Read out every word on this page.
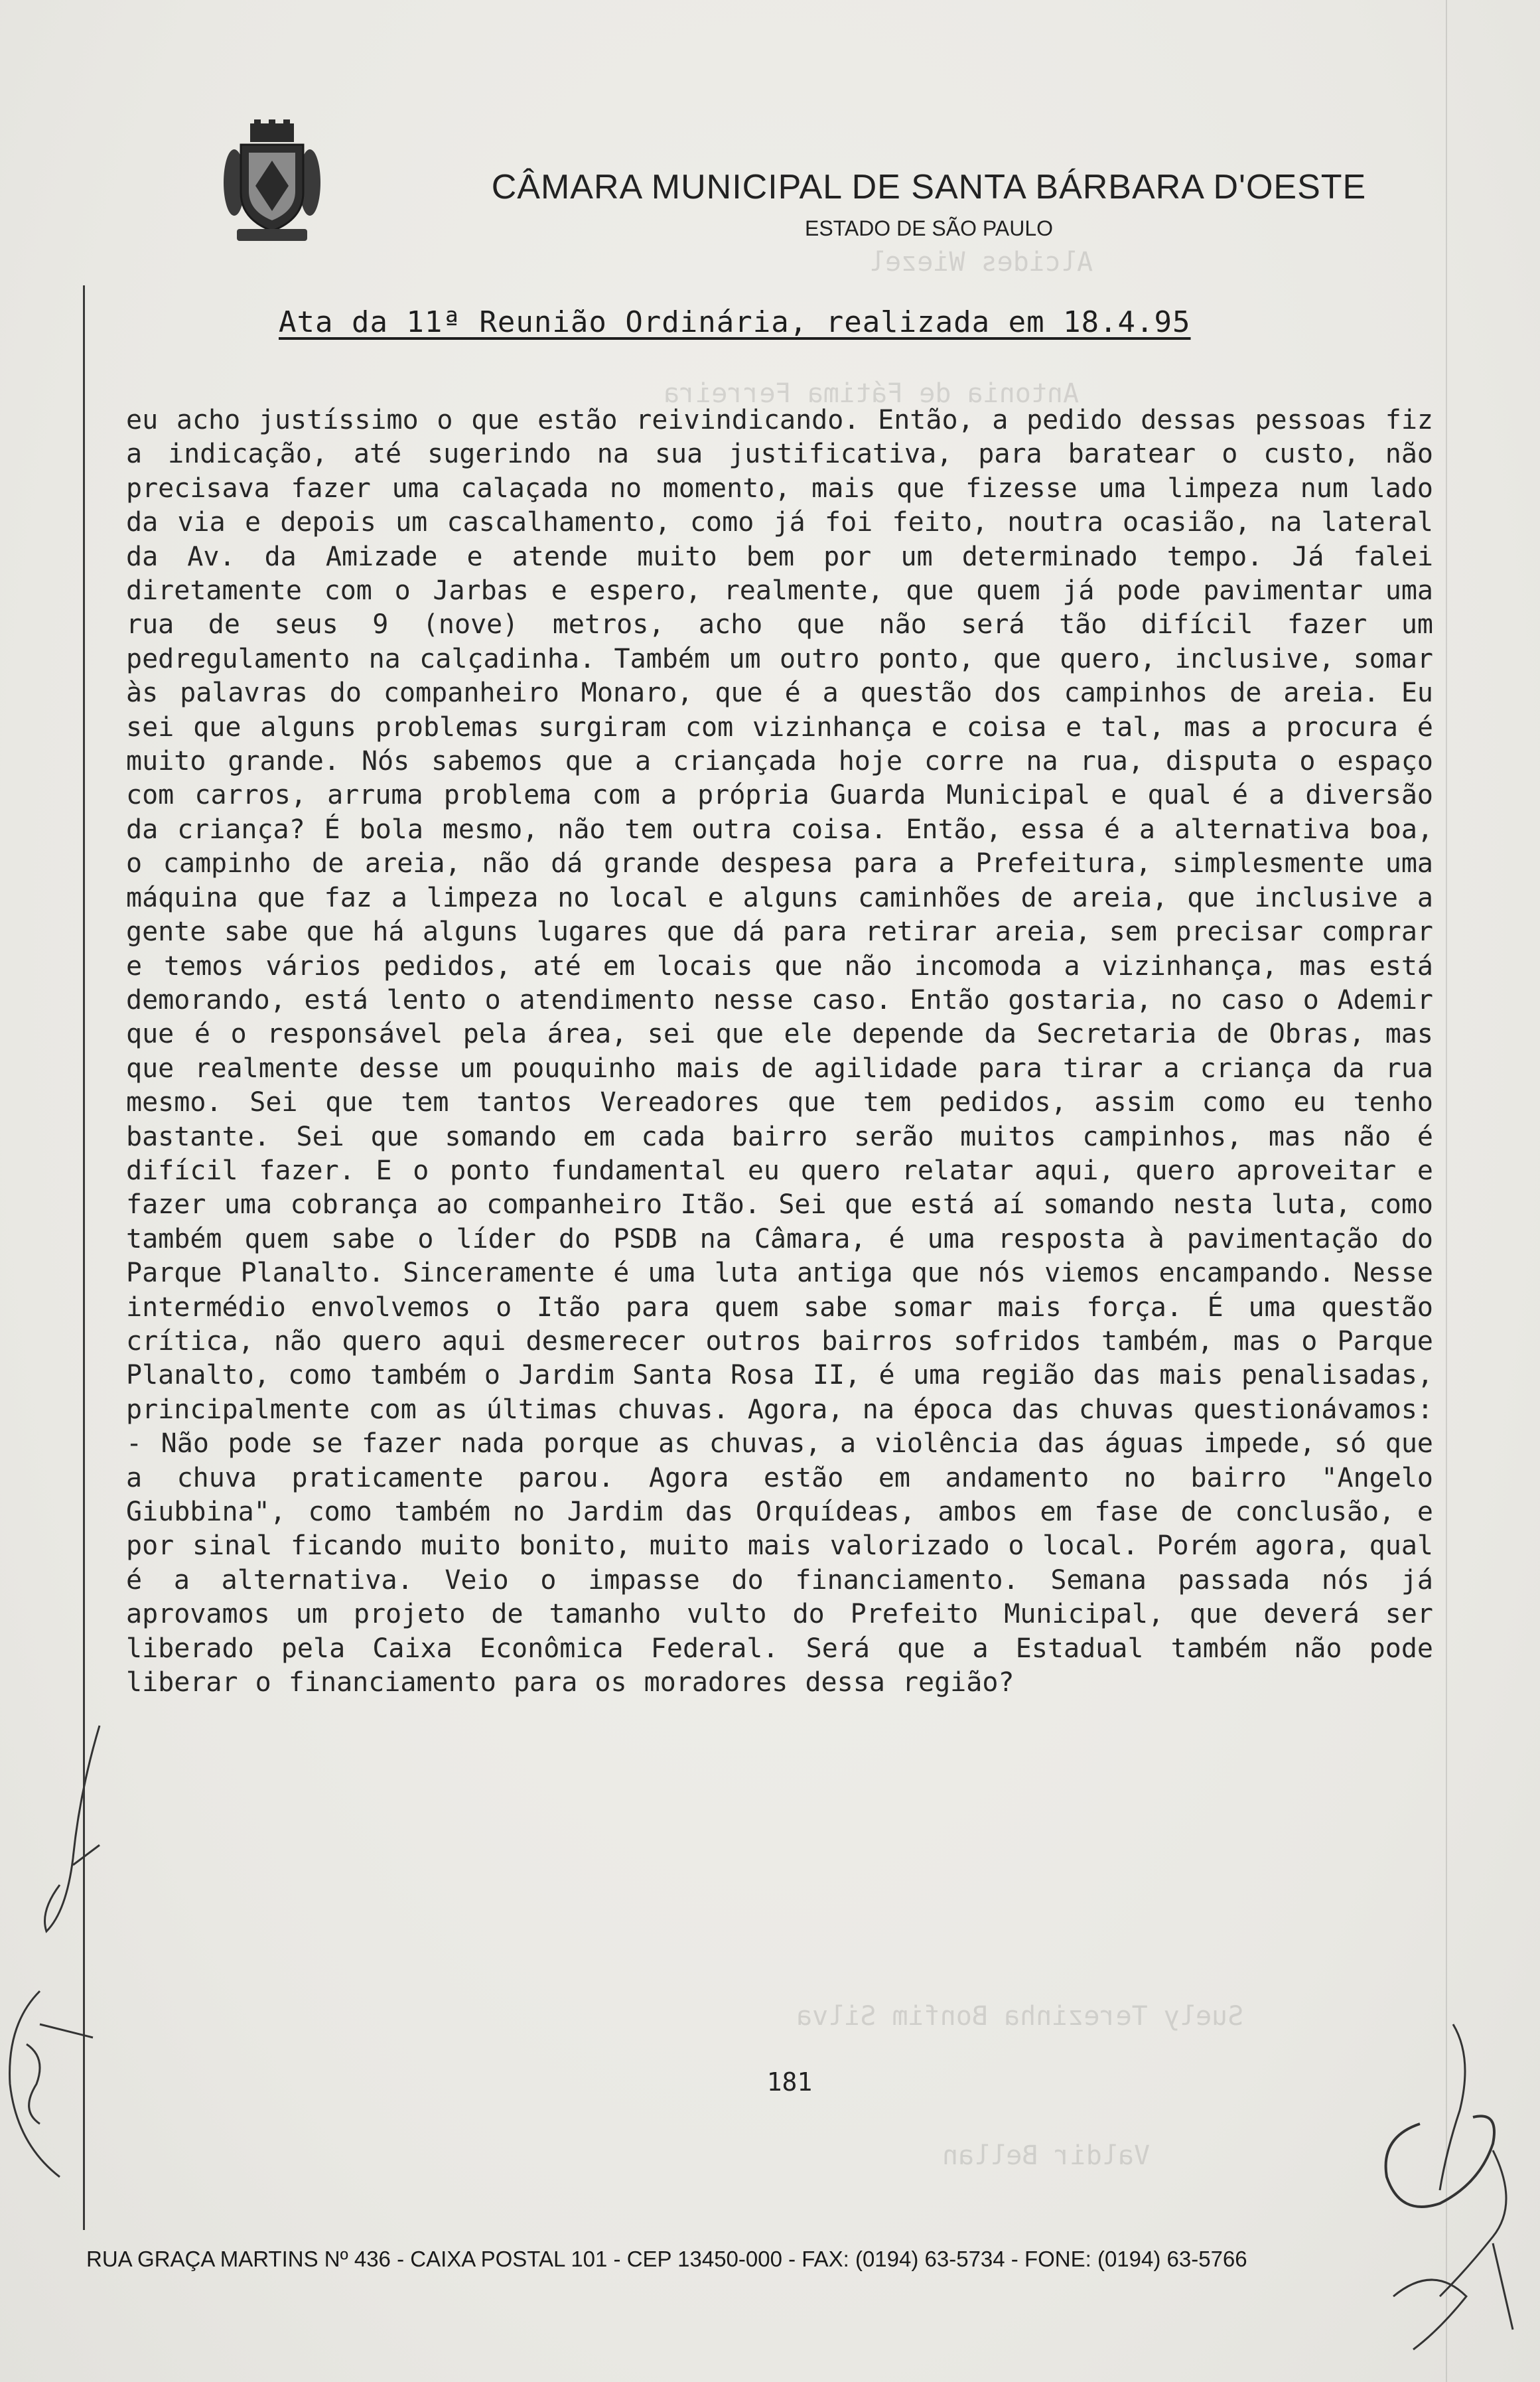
Alcides Wiezel
Antonia de Fátima Ferreira
Suely Terezinha Bonfim Silva
Valdir Bellan
CÂMARA MUNICIPAL DE SANTA BÁRBARA D'OESTE
ESTADO DE SÃO PAULO
Ata da 11ª Reunião Ordinária, realizada em 18.4.95

eu acho justíssimo o que estão reivindicando. Então, a pedido dessas pessoas fiz a indicação, até sugerindo na sua justificativa, para baratear o custo, não precisava fazer uma calaçada no momento, mais que fizesse uma limpeza num lado da via e depois um cascalhamento, como já foi feito, noutra ocasião, na lateral da Av. da Amizade e atende muito bem por um determinado tempo. Já falei diretamente com o Jarbas e espero, realmente, que quem já pode pavimentar uma rua de seus 9 (nove) metros, acho que não será tão difícil fazer um pedregulamento na calçadinha. Também um outro ponto, que quero, inclusive, somar às palavras do companheiro Monaro, que é a questão dos campinhos de areia. Eu sei que alguns problemas surgiram com vizinhança e coisa e tal, mas a procura é muito grande. Nós sabemos que a criançada hoje corre na rua, disputa o espaço com carros, arruma problema com a própria Guarda Municipal e qual é a diversão da criança? É bola mesmo, não tem outra coisa. Então, essa é a alternativa boa, o campinho de areia, não dá grande despesa para a Prefeitura, simplesmente uma máquina que faz a limpeza no local e alguns caminhões de areia, que inclusive a gente sabe que há alguns lugares que dá para retirar areia, sem precisar comprar e temos vários pedidos, até em locais que não incomoda a vizinhança, mas está demorando, está lento o atendimento nesse caso. Então gostaria, no caso o Ademir que é o responsável pela área, sei que ele depende da Secretaria de Obras, mas que realmente desse um pouquinho mais de agilidade para tirar a criança da rua mesmo. Sei que tem tantos Vereadores que tem pedidos, assim como eu tenho bastante. Sei que somando em cada bairro serão muitos campinhos, mas não é difícil fazer. E o ponto fundamental eu quero relatar aqui, quero aproveitar e fazer uma cobrança ao companheiro Itão. Sei que está aí somando nesta luta, como também quem sabe o líder do PSDB na Câmara, é uma resposta à pavimentação do Parque Planalto. Sinceramente é uma luta antiga que nós viemos encampando. Nesse intermédio envolvemos o Itão para quem sabe somar mais força. É uma questão crítica, não quero aqui desmerecer outros bairros sofridos também, mas o Parque Planalto, como também o Jardim Santa Rosa II, é uma região das mais penalisadas, principalmente com as últimas chuvas. Agora, na época das chuvas questionávamos: - Não pode se fazer nada porque as chuvas, a violência das águas impede, só que a chuva praticamente parou. Agora estão em andamento no bairro "Angelo Giubbina", como também no Jardim das Orquídeas, ambos em fase de conclusão, e por sinal ficando muito bonito, muito mais valorizado o local. Porém agora, qual é a alternativa. Veio o impasse do financiamento. Semana passada nós já aprovamos um projeto de tamanho vulto do Prefeito Municipal, que deverá ser liberado pela Caixa Econômica Federal. Será que a Estadual também não pode liberar o financiamento para os moradores dessa região?

181
RUA GRAÇA MARTINS Nº 436 - CAIXA POSTAL 101 - CEP 13450-000 - FAX: (0194) 63-5734 - FONE: (0194) 63-5766
